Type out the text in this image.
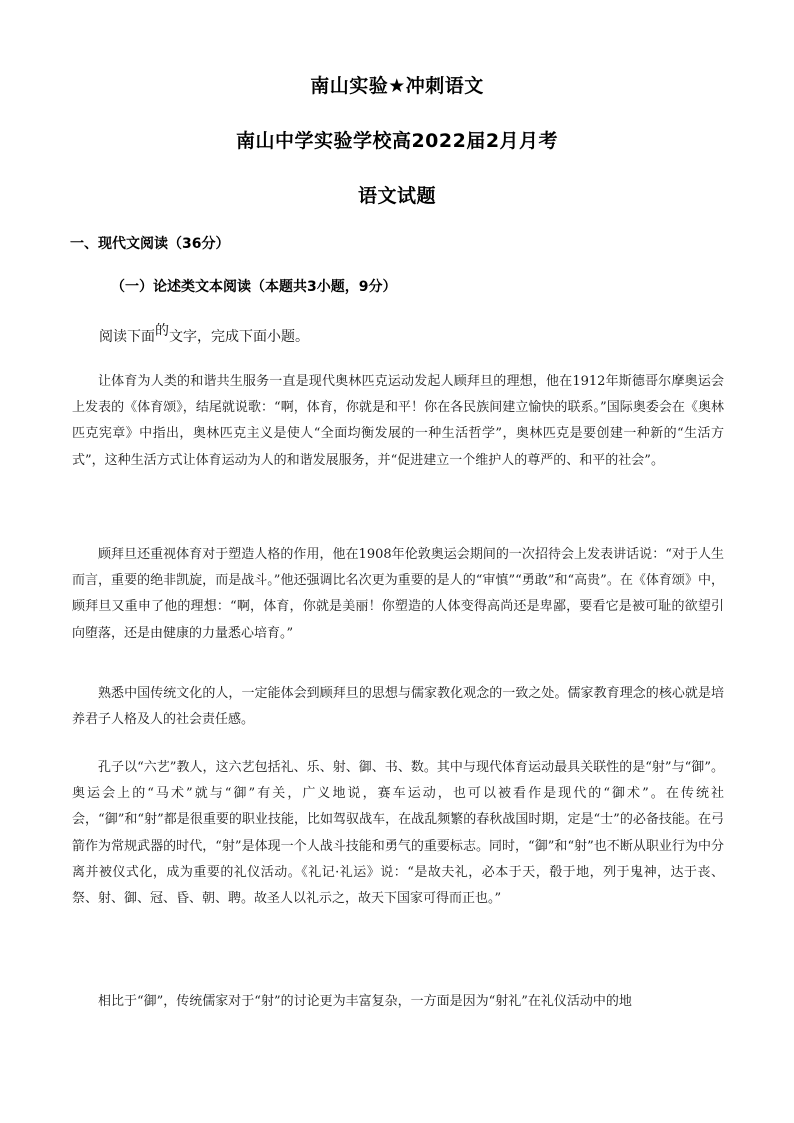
南山实验★冲刺语文
南山中学实验学校高2022届2月月考
语文试题
一、现代文阅读（36分）
（一）论述类文本阅读（本题共3小题，9分）
阅读下面的文字，完成下面小题。

让体育为人类的和谐共生服务一直是现代奥林匹克运动发起人顾拜旦的理想，他在1912年斯德哥尔摩奥运会上发表的《体育颂》，结尾就说歌：“啊，体育，你就是和平！你在各民族间建立愉快的联系。”国际奥委会在《奥林匹克宪章》中指出，奥林匹克主义是使人“全面均衡发展的一种生活哲学”，奥林匹克是要创建一种新的“生活方式”，这种生活方式让体育运动为人的和谐发展服务，并“促进建立一个维护人的尊严的、和平的社会”。

顾拜旦还重视体育对于塑造人格的作用，他在1908年伦敦奥运会期间的一次招待会上发表讲话说：“对于人生而言，重要的绝非凯旋，而是战斗。”他还强调比名次更为重要的是人的“审慎”“勇敢”和“高贵”。在《体育颂》中，顾拜旦又重申了他的理想：“啊，体育，你就是美丽！你塑造的人体变得高尚还是卑鄙，要看它是被可耻的欲望引向堕落，还是由健康的力量悉心培育。”

熟悉中国传统文化的人，一定能体会到顾拜旦的思想与儒家教化观念的一致之处。儒家教育理念的核心就是培养君子人格及人的社会责任感。

孔子以“六艺”教人，这六艺包括礼、乐、射、御、书、数。其中与现代体育运动最具关联性的是“射”与“御”。奥运会上的“马术”就与“御”有关，广义地说，赛车运动，也可以被看作是现代的“御术”。在传统社会，“御”和“射”都是很重要的职业技能，比如驾驭战车，在战乱频繁的春秋战国时期，定是“士”的必备技能。在弓箭作为常规武器的时代，“射”是体现一个人战斗技能和勇气的重要标志。同时，“御”和“射”也不断从职业行为中分离并被仪式化，成为重要的礼仪活动。《礼记·礼运》说：“是故夫礼，必本于天，殽于地，列于鬼神，达于丧、祭、射、御、冠、昏、朝、聘。故圣人以礼示之，故天下国家可得而正也。”

相比于“御”，传统儒家对于“射”的讨论更为丰富复杂，一方面是因为“射礼”在礼仪活动中的地
